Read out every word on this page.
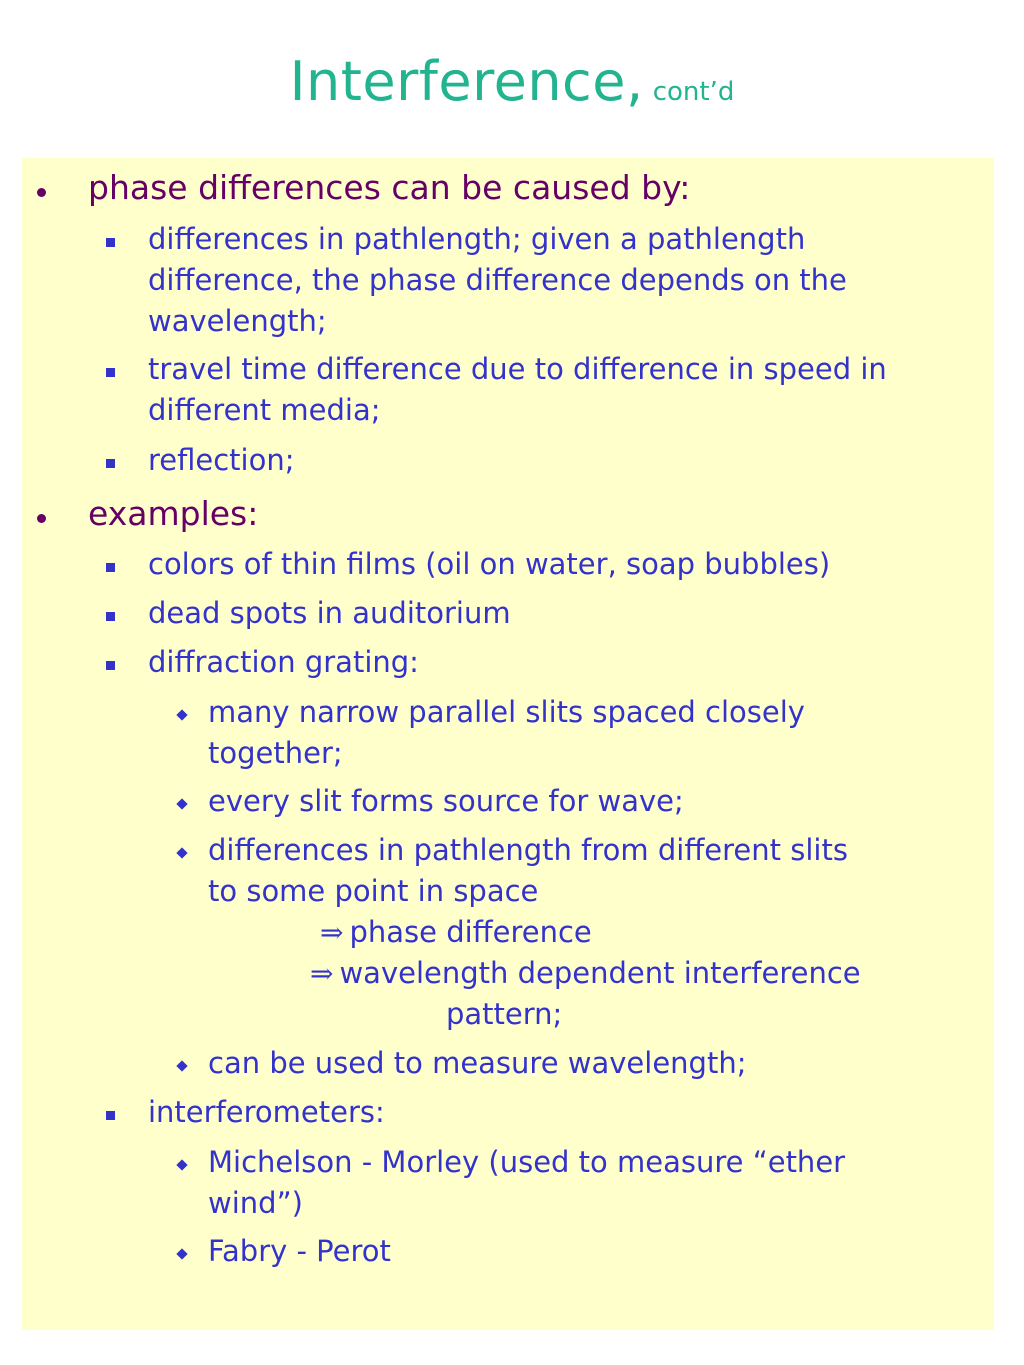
Interference, cont’d
phase differences can be caused by:
differences in pathlength; given a pathlength
difference, the phase difference depends on the
wavelength;
travel time difference due to difference in speed in
different media;
reflection;
examples:
colors of thin films (oil on water, soap bubbles)
dead spots in auditorium
diffraction grating:
many narrow parallel slits spaced closely
together;
every slit forms source for wave;
differences in pathlength from different slits
to some point in space
⇒ phase difference
⇒ wavelength dependent interference
pattern;
can be used to measure wavelength;
interferometers:
Michelson - Morley (used to measure “ether
wind”)
Fabry - Perot
